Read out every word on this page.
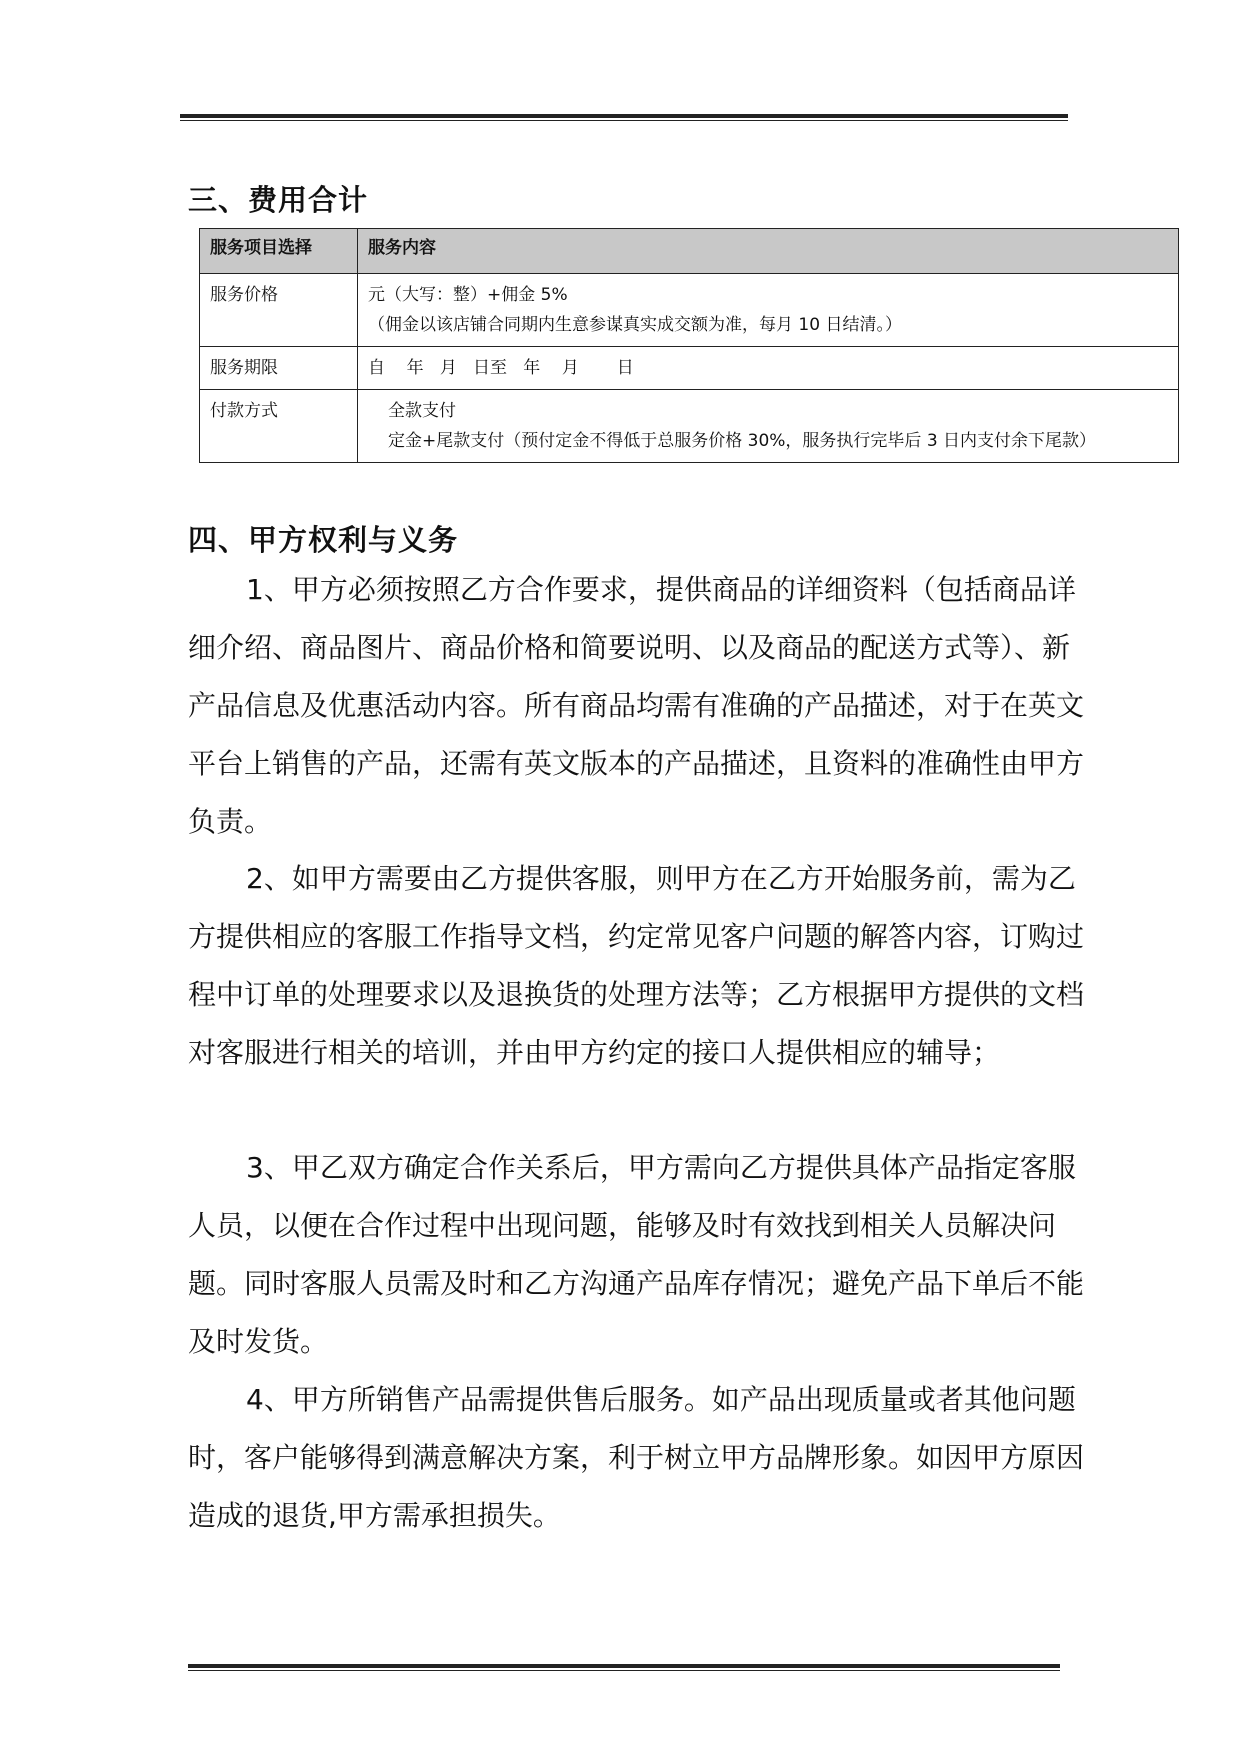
三、费用合计
服务项目选择	服务内容
服务价格	元（大写：整）+佣金 5%
（佣金以该店铺合同期内生意参谋真实成交额为准，每月 10 日结清。）

服务期限	自    年   月   日至   年    月       日
付款方式	全款支付
定金+尾款支付（预付定金不得低于总服务价格 30%，服务执行完毕后 3 日内支付余下尾款）
四、甲方权利与义务
1、甲方必须按照乙方合作要求，提供商品的详细资料（包括商品详细介绍、商品图片、商品价格和简要说明、以及商品的配送方式等）、新产品信息及优惠活动内容。所有商品均需有准确的产品描述，对于在英文平台上销售的产品，还需有英文版本的产品描述，且资料的准确性由甲方负责。
2、如甲方需要由乙方提供客服，则甲方在乙方开始服务前，需为乙方提供相应的客服工作指导文档，约定常见客户问题的解答内容，订购过程中订单的处理要求以及退换货的处理方法等；乙方根据甲方提供的文档对客服进行相关的培训，并由甲方约定的接口人提供相应的辅导；
3、甲乙双方确定合作关系后，甲方需向乙方提供具体产品指定客服人员，以便在合作过程中出现问题，能够及时有效找到相关人员解决问题。同时客服人员需及时和乙方沟通产品库存情况；避免产品下单后不能及时发货。
4、甲方所销售产品需提供售后服务。如产品出现质量或者其他问题时，客户能够得到满意解决方案，利于树立甲方品牌形象。如因甲方原因造成的退货,甲方需承担损失。
